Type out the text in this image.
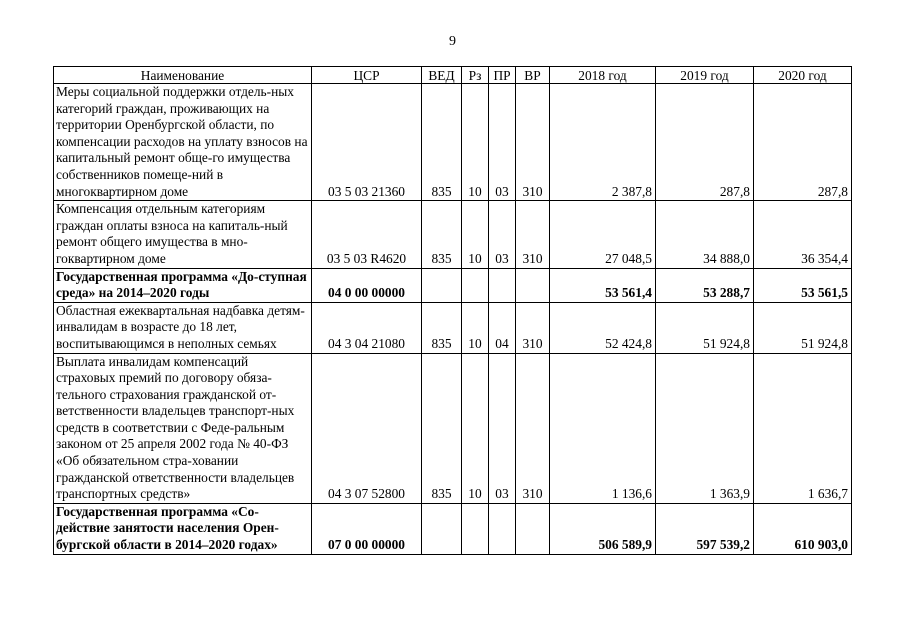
9
Наименование	ЦСР	ВЕД	Рз	ПР	ВР	2018 год	2019 год	2020 год
Меры социальной поддержки отдель-ных категорий граждан, проживающих на территории Оренбургской области, по компенсации расходов на уплату взносов на капитальный ремонт обще-го имущества собственников помеще-ний в многоквартирном доме	03 5 03 21360	835	10	03	310	2 387,8	287,8	287,8
Компенсация отдельным категориям граждан оплаты взноса на капиталь-ный ремонт общего имущества в мно-гоквартирном доме	03 5 03 R4620	835	10	03	310	27 048,5	34 888,0	36 354,4
Государственная программа «До-ступная среда» на 2014–2020 годы	04 0 00 00000					53 561,4	53 288,7	53 561,5
Областная ежеквартальная надбавка детям-инвалидам в возрасте до 18 лет, воспитывающимся в неполных семьях	04 3 04 21080	835	10	04	310	52 424,8	51 924,8	51 924,8
Выплата инвалидам компенсаций страховых премий по договору обяза-тельного страхования гражданской от-ветственности владельцев транспорт-ных средств в соответствии с Феде-ральным законом от 25 апреля 2002 года № 40-ФЗ «Об обязательном стра-ховании гражданской ответственности владельцев транспортных средств»	04 3 07 52800	835	10	03	310	1 136,6	1 363,9	1 636,7
Государственная программа «Со-действие занятости населения Орен-бургской области в 2014–2020 годах»	07 0 00 00000					506 589,9	597 539,2	610 903,0
